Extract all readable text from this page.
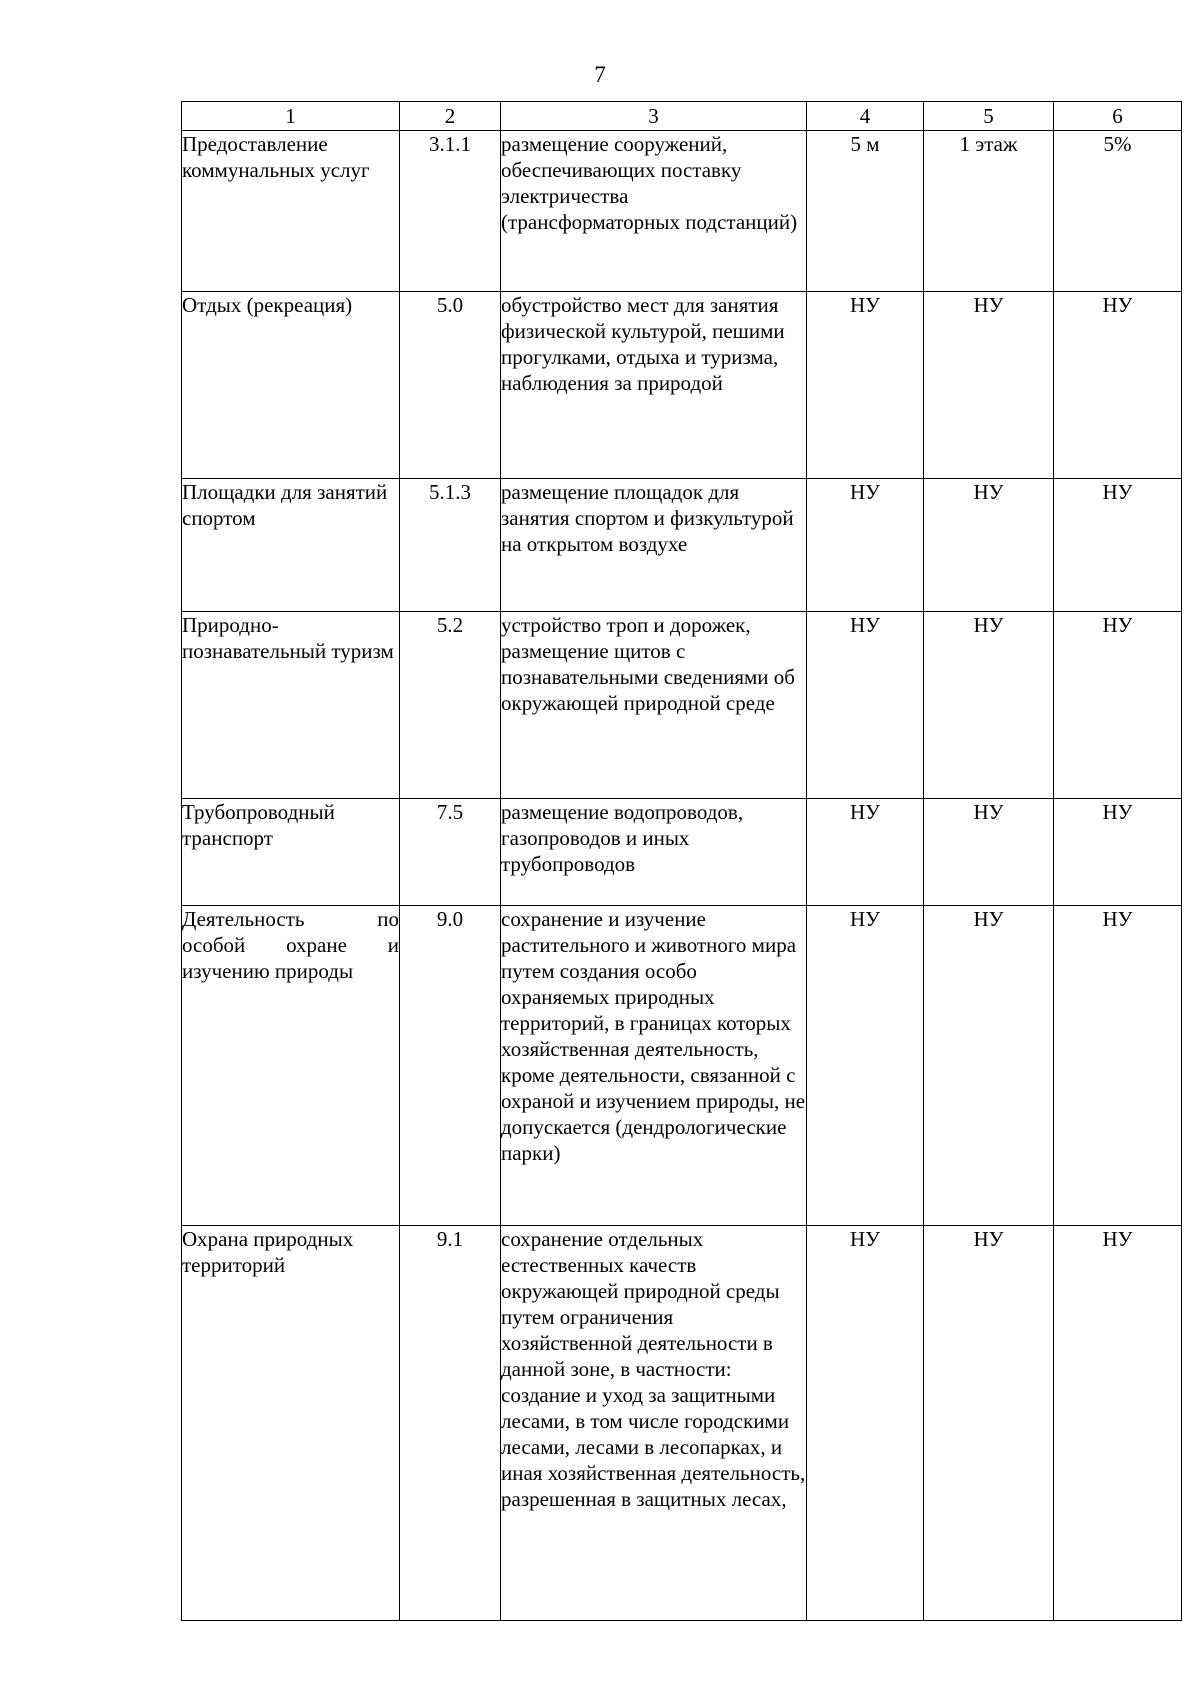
7
1	2	3	4	5	6
Предоставление коммунальных услуг	3.1.1	размещение сооружений, обеспечивающих поставку электричества (трансформаторных подстанций)	5 м	1 этаж	5%
Отдых (рекреация)	5.0	обустройство мест для занятия физической культурой, пешими прогулками, отдыха и туризма, наблюдения за природой	НУ	НУ	НУ
Площадки для занятий спортом	5.1.3	размещение площадок для занятия спортом и физкультурой на открытом воздухе	НУ	НУ	НУ
Природно-познавательный туризм	5.2	устройство троп и дорожек, размещение щитов с познавательными сведениями об окружающей природной среде	НУ	НУ	НУ
Трубопроводный транспорт	7.5	размещение водопроводов, газопроводов и иных трубопроводов	НУ	НУ	НУ
Деятельность по особой охране и изучению природы	9.0	сохранение и изучение растительного и животного мира путем создания особо охраняемых природных территорий, в границах которых хозяйственная деятельность, кроме деятельности, связанной с охраной и изучением природы, не допускается (дендрологические парки)	НУ	НУ	НУ
Охрана природных территорий	9.1	сохранение отдельных естественных качеств окружающей природной среды путем ограничения хозяйственной деятельности в данной зоне, в частности: создание и уход за защитными лесами, в том числе городскими лесами, лесами в лесопарках, и иная хозяйственная деятельность, разрешенная в защитных лесах,	НУ	НУ	НУ
